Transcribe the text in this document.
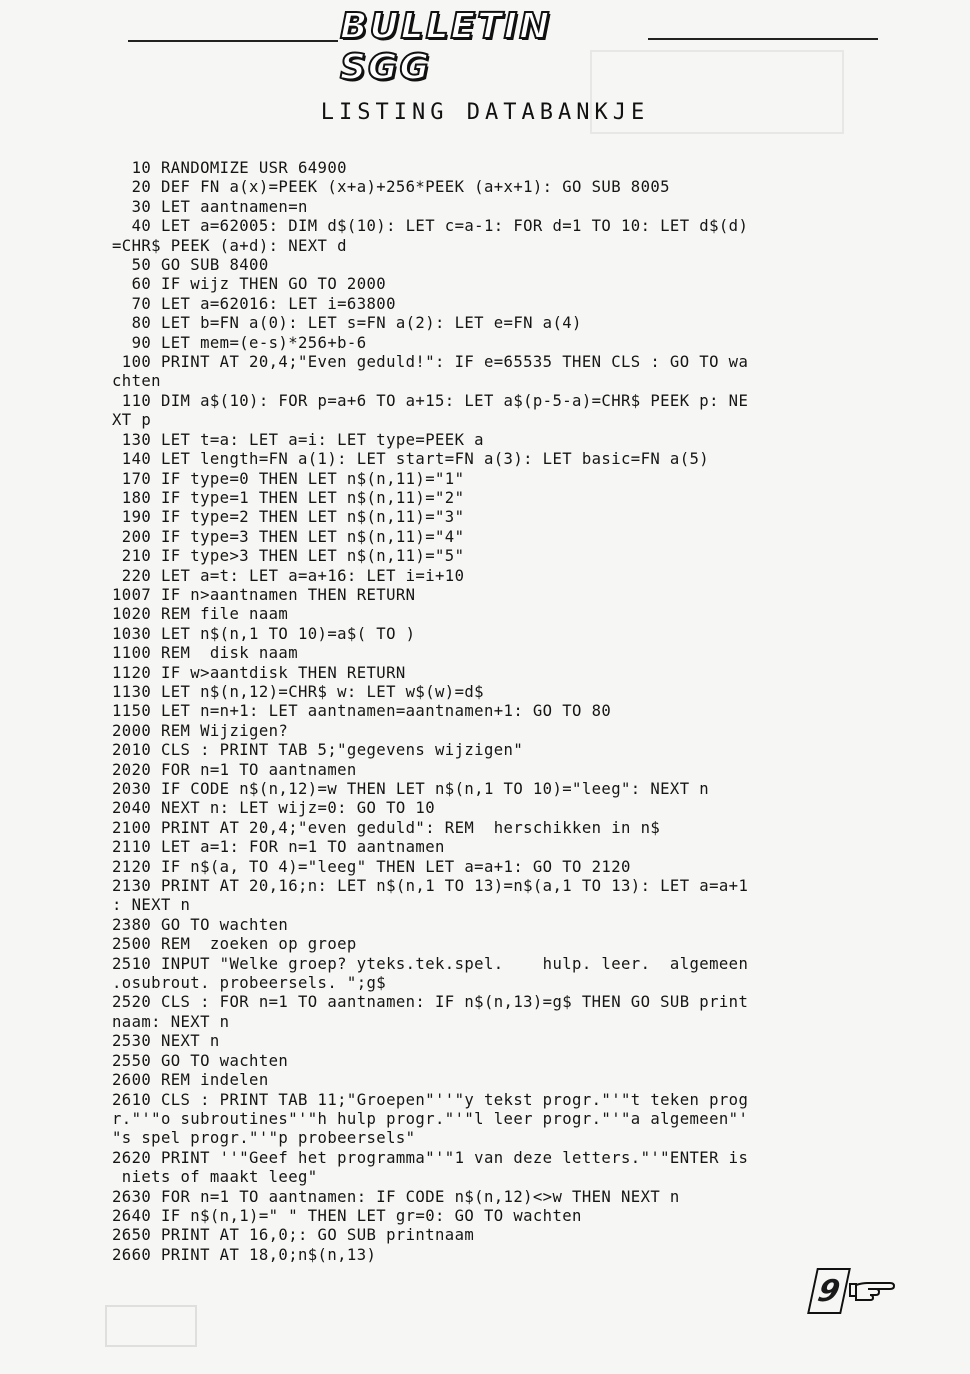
BULLETIN SGG
LISTING DATABANKJE
10 RANDOMIZE USR 64900
20 DEF FN a(x)=PEEK (x+a)+256*PEEK (a+x+1): GO SUB 8005
30 LET aantnamen=n
40 LET a=62005: DIM d$(10): LET c=a-1: FOR d=1 TO 10: LET d$(d)
=CHR$ PEEK (a+d): NEXT d
50 GO SUB 8400
60 IF wijz THEN GO TO 2000
70 LET a=62016: LET i=63800
80 LET b=FN a(0): LET s=FN a(2): LET e=FN a(4)
90 LET mem=(e-s)*256+b-6
100 PRINT AT 20,4;"Even geduld!": IF e=65535 THEN CLS : GO TO wa
chten
110 DIM a$(10): FOR p=a+6 TO a+15: LET a$(p-5-a)=CHR$ PEEK p: NE
XT p
130 LET t=a: LET a=i: LET type=PEEK a
140 LET length=FN a(1): LET start=FN a(3): LET basic=FN a(5)
170 IF type=0 THEN LET n$(n,11)="1"
180 IF type=1 THEN LET n$(n,11)="2"
190 IF type=2 THEN LET n$(n,11)="3"
200 IF type=3 THEN LET n$(n,11)="4"
210 IF type>3 THEN LET n$(n,11)="5"
220 LET a=t: LET a=a+16: LET i=i+10
1007 IF n>aantnamen THEN RETURN
1020 REM file naam
1030 LET n$(n,1 TO 10)=a$( TO )
1100 REM  disk naam
1120 IF w>aantdisk THEN RETURN
1130 LET n$(n,12)=CHR$ w: LET w$(w)=d$
1150 LET n=n+1: LET aantnamen=aantnamen+1: GO TO 80
2000 REM Wijzigen?
2010 CLS : PRINT TAB 5;"gegevens wijzigen"
2020 FOR n=1 TO aantnamen
2030 IF CODE n$(n,12)=w THEN LET n$(n,1 TO 10)="leeg": NEXT n
2040 NEXT n: LET wijz=0: GO TO 10
2100 PRINT AT 20,4;"even geduld": REM  herschikken in n$
2110 LET a=1: FOR n=1 TO aantnamen
2120 IF n$(a, TO 4)="leeg" THEN LET a=a+1: GO TO 2120
2130 PRINT AT 20,16;n: LET n$(n,1 TO 13)=n$(a,1 TO 13): LET a=a+1
: NEXT n
2380 GO TO wachten
2500 REM  zoeken op groep
2510 INPUT "Welke groep? yteks.tek.spel.    hulp. leer.  algemeen
.osubrout. probeersels. ";g$
2520 CLS : FOR n=1 TO aantnamen: IF n$(n,13)=g$ THEN GO SUB print
naam: NEXT n
2530 NEXT n
2550 GO TO wachten
2600 REM indelen
2610 CLS : PRINT TAB 11;"Groepen"''"y tekst progr."'"t teken prog
r."'"o subroutines"'"h hulp progr."'"l leer progr."'"a algemeen"'
"s spel progr."'"p probeersels"
2620 PRINT ''"Geef het programma"'"1 van deze letters."'"ENTER is
niets of maakt leeg"
2630 FOR n=1 TO aantnamen: IF CODE n$(n,12)<>w THEN NEXT n
2640 IF n$(n,1)=" " THEN LET gr=0: GO TO wachten
2650 PRINT AT 16,0;: GO SUB printnaam
2660 PRINT AT 18,0;n$(n,13)
9
